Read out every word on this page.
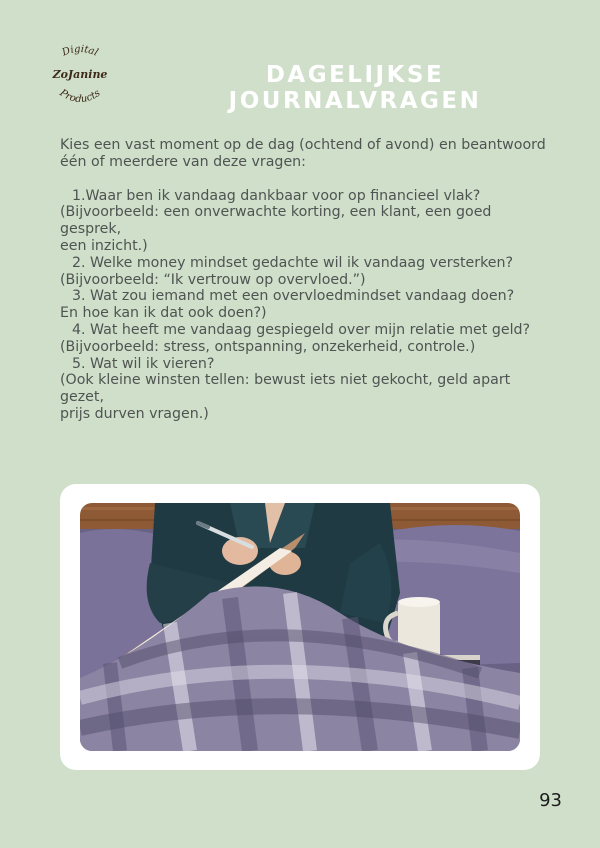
Digital
ZoJanine
Products
DAGELIJKSE
JOURNALVRAGEN

Kies een vast moment op de dag (ochtend of avond) en beantwoord
één of meerdere van deze vragen:

1.Waar ben ik vandaag dankbaar voor op financieel vlak?
(Bijvoorbeeld: een onverwachte korting, een klant, een goed gesprek,
een inzicht.)

2. Welke money mindset gedachte wil ik vandaag versterken?
(Bijvoorbeeld: “Ik vertrouw op overvloed.”)

3. Wat zou iemand met een overvloedmindset vandaag doen?
En hoe kan ik dat ook doen?)

4. Wat heeft me vandaag gespiegeld over mijn relatie met geld?
(Bijvoorbeeld: stress, ontspanning, onzekerheid, controle.)

5. Wat wil ik vieren?
(Ook kleine winsten tellen: bewust iets niet gekocht, geld apart gezet,
prijs durven vragen.)

93
